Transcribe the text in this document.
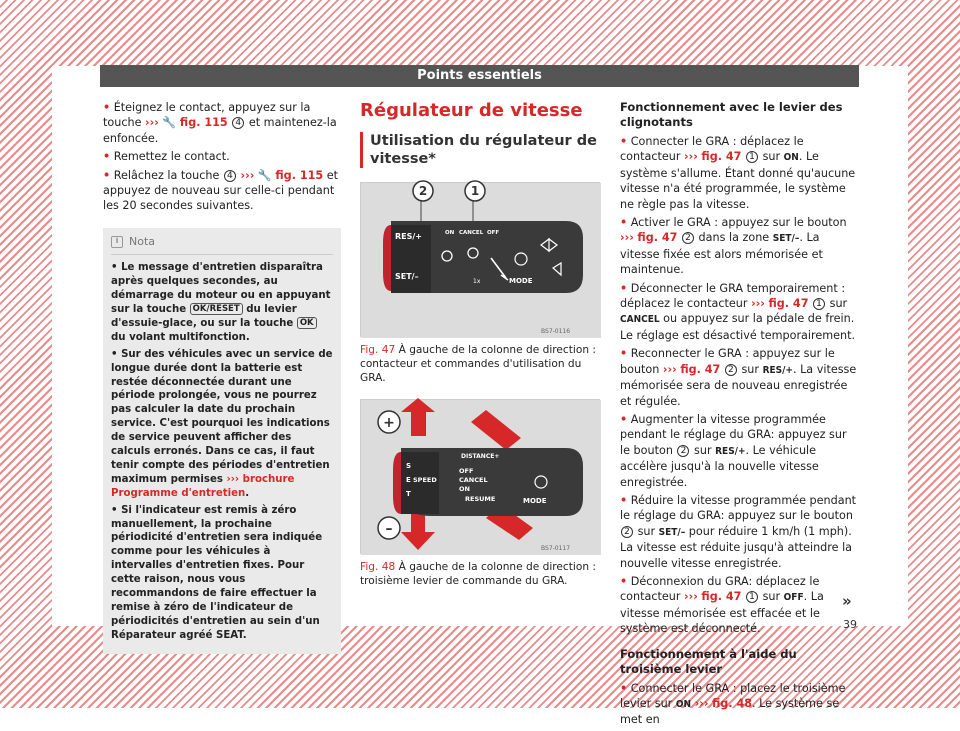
Points essentiels
• Éteignez le contact, appuyez sur la touche ››› 🔧 fig. 115 4 et maintenez-la enfoncée.
• Remettez le contact.
• Relâchez la touche 4 ››› 🔧 fig. 115 et appuyez de nouveau sur celle-ci pendant les 20 secondes suivantes.
i Nota

• Le message d'entretien disparaîtra après quelques secondes, au démarrage du moteur ou en appuyant sur la touche OK/RESET du levier d'essuie-glace, ou sur la touche OK du volant multifonction.

• Sur des véhicules avec un service de longue durée dont la batterie est restée déconnectée durant une période prolongée, vous ne pourrez pas calculer la date du prochain service. C'est pourquoi les indications de service peuvent afficher des calculs erronés. Dans ce cas, il faut tenir compte des périodes d'entretien maximum permises ››› brochure Programme d'entretien.

• Si l'indicateur est remis à zéro manuellement, la prochaine périodicité d'entretien sera indiquée comme pour les véhicules à intervalles d'entretien fixes. Pour cette raison, nous vous recommandons de faire effectuer la remise à zéro de l'indicateur de périodicités d'entretien au sein d'un Réparateur agréé SEAT.

Régulateur de vitesse
Utilisation du régulateur de vitesse*
2	1
RES/+
SET/–
ON CANCEL OFF
1x	MODE
BS7-0116
Fig. 47 À gauche de la colonne de direction : contacteur et commandes d'utilisation du GRA.
+
–
S
E
T
SPEED
DISTANCE+
OFF
CANCEL
ON
RESUME	MODE
BS7-0117
Fig. 48 À gauche de la colonne de direction : troisième levier de commande du GRA.
Fonctionnement avec le levier des clignotants
• Connecter le GRA : déplacez le contacteur ››› fig. 47 1 sur ON. Le système s'allume. Étant donné qu'aucune vitesse n'a été programmée, le système ne règle pas la vitesse.
• Activer le GRA : appuyez sur le bouton ››› fig. 47 2 dans la zone SET/–. La vitesse fixée est alors mémorisée et maintenue.
• Déconnecter le GRA temporairement : déplacez le contacteur ››› fig. 47 1 sur CANCEL ou appuyez sur la pédale de frein. Le réglage est désactivé temporairement.
• Reconnecter le GRA : appuyez sur le bouton ››› fig. 47 2 sur RES/+. La vitesse mémorisée sera de nouveau enregistrée et régulée.
• Augmenter la vitesse programmée pendant le réglage du GRA: appuyez sur le bouton 2 sur RES/+. Le véhicule accélère jusqu'à la nouvelle vitesse enregistrée.
• Réduire la vitesse programmée pendant le réglage du GRA: appuyez sur le bouton 2 sur SET/– pour réduire 1 km/h (1 mph). La vitesse est réduite jusqu'à atteindre la nouvelle vitesse enregistrée.
• Déconnexion du GRA: déplacez le contacteur ››› fig. 47 1 sur OFF. La vitesse mémorisée est effacée et le système est déconnecté.
Fonctionnement à l'aide du troisième levier
• Connecter le GRA : placez le troisième levier sur ON ››› fig. 48. Le système se met en
»
39
